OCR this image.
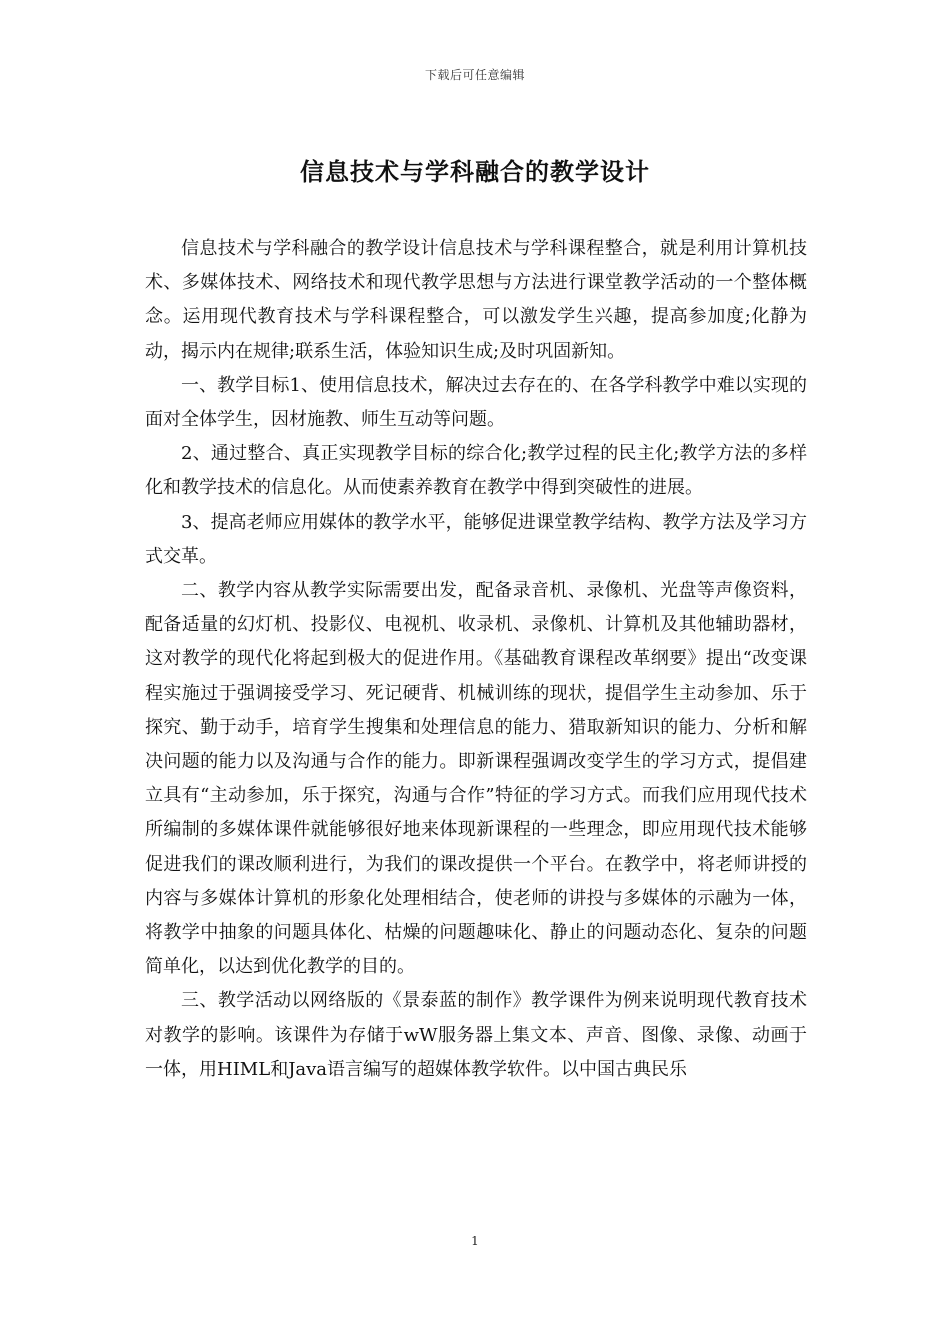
下载后可任意编辑
信息技术与学科融合的教学设计

信息技术与学科融合的教学设计信息技术与学科课程整合，就是利用计算机技术、多媒体技术、网络技术和现代教学思想与方法进行课堂教学活动的一个整体概念。运用现代教育技术与学科课程整合，可以激发学生兴趣，提高参加度;化静为动，揭示内在规律;联系生活，体验知识生成;及时巩固新知。

一、教学目标1、使用信息技术，解决过去存在的、在各学科教学中难以实现的面对全体学生，因材施教、师生互动等问题。

2、通过整合、真正实现教学目标的综合化;教学过程的民主化;教学方法的多样化和教学技术的信息化。从而使素养教育在教学中得到突破性的进展。

3、提高老师应用媒体的教学水平，能够促进课堂教学结构、教学方法及学习方式交革。

二、教学内容从教学实际需要出发，配备录音机、录像机、光盘等声像资料，配备适量的幻灯机、投影仪、电视机、收录机、录像机、计算机及其他辅助器材，这对教学的现代化将起到极大的促进作用。《基础教育课程改革纲要》提出“改变课程实施过于强调接受学习、死记硬背、机械训练的现状，提倡学生主动参加、乐于探究、勤于动手，培育学生搜集和处理信息的能力、猎取新知识的能力、分析和解决问题的能力以及沟通与合作的能力。即新课程强调改变学生的学习方式，提倡建立具有“主动参加，乐于探究，沟通与合作”特征的学习方式。而我们应用现代技术所编制的多媒体课件就能够很好地来体现新课程的一些理念，即应用现代技术能够促进我们的课改顺利进行，为我们的课改提供一个平台。在教学中，将老师讲授的内容与多媒体计算机的形象化处理相结合，使老师的讲投与多媒体的示融为一体，将教学中抽象的问题具体化、枯燥的问题趣味化、静止的问题动态化、复杂的问题简单化，以达到优化教学的目的。

三、教学活动以网络版的《景泰蓝的制作》教学课件为例来说明现代教育技术对教学的影响。该课件为存储于wW服务器上集文本、声音、图像、录像、动画于一体，用HIML和Java语言编写的超媒体教学软件。以中国古典民乐

1
